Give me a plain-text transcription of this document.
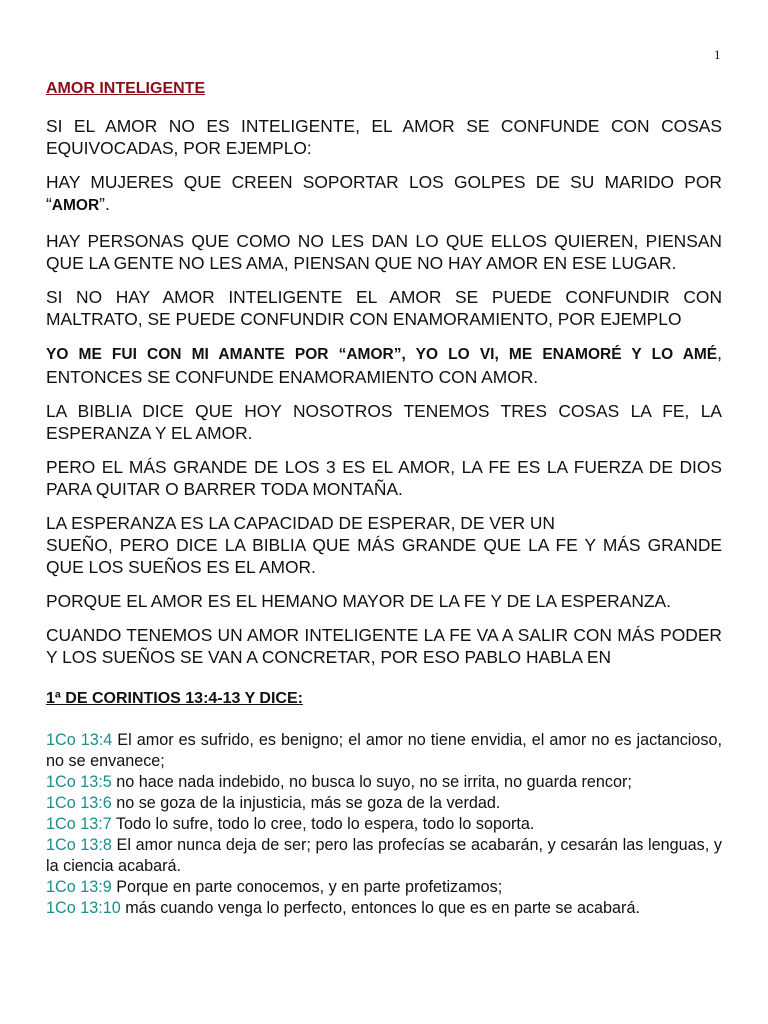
1
AMOR INTELIGENTE

SI EL AMOR NO ES INTELIGENTE, EL AMOR SE CONFUNDE CON COSAS EQUIVOCADAS, POR EJEMPLO:

HAY MUJERES QUE CREEN SOPORTAR LOS GOLPES DE SU MARIDO POR “AMOR”.

HAY PERSONAS QUE COMO NO LES DAN LO QUE ELLOS QUIEREN, PIENSAN QUE LA GENTE NO LES AMA, PIENSAN QUE NO HAY AMOR EN ESE LUGAR.

SI NO HAY AMOR INTELIGENTE EL AMOR SE PUEDE CONFUNDIR CON MALTRATO, SE PUEDE CONFUNDIR CON ENAMORAMIENTO, POR EJEMPLO

YO ME FUI CON MI AMANTE POR “AMOR”, YO LO VI, ME ENAMORÉ Y LO AMÉ, ENTONCES SE CONFUNDE ENAMORAMIENTO CON AMOR.

LA BIBLIA DICE QUE HOY NOSOTROS TENEMOS TRES COSAS LA FE, LA ESPERANZA Y EL AMOR.

PERO EL MÁS GRANDE DE LOS 3 ES EL AMOR, LA FE ES LA FUERZA DE DIOS PARA QUITAR O BARRER TODA MONTAÑA.

LA ESPERANZA ES LA CAPACIDAD DE ESPERAR, DE VER UN
SUEÑO, PERO DICE LA BIBLIA QUE MÁS GRANDE QUE LA FE Y MÁS GRANDE QUE LOS SUEÑOS ES EL AMOR.

PORQUE EL AMOR ES EL HEMANO MAYOR DE LA FE Y DE LA ESPERANZA.

CUANDO TENEMOS UN AMOR INTELIGENTE LA FE VA A SALIR CON MÁS PODER Y LOS SUEÑOS SE VAN A CONCRETAR, POR ESO PABLO HABLA EN

1ª DE CORINTIOS 13:4-13 Y DICE:

1Co 13:4 El amor es sufrido, es benigno; el amor no tiene envidia, el amor no es jactancioso, no se envanece;

1Co 13:5 no hace nada indebido, no busca lo suyo, no se irrita, no guarda rencor;

1Co 13:6 no se goza de la injusticia, más se goza de la verdad.

1Co 13:7 Todo lo sufre, todo lo cree, todo lo espera, todo lo soporta.

1Co 13:8 El amor nunca deja de ser; pero las profecías se acabarán, y cesarán las lenguas, y la ciencia acabará.

1Co 13:9 Porque en parte conocemos, y en parte profetizamos;

1Co 13:10 más cuando venga lo perfecto, entonces lo que es en parte se acabará.
